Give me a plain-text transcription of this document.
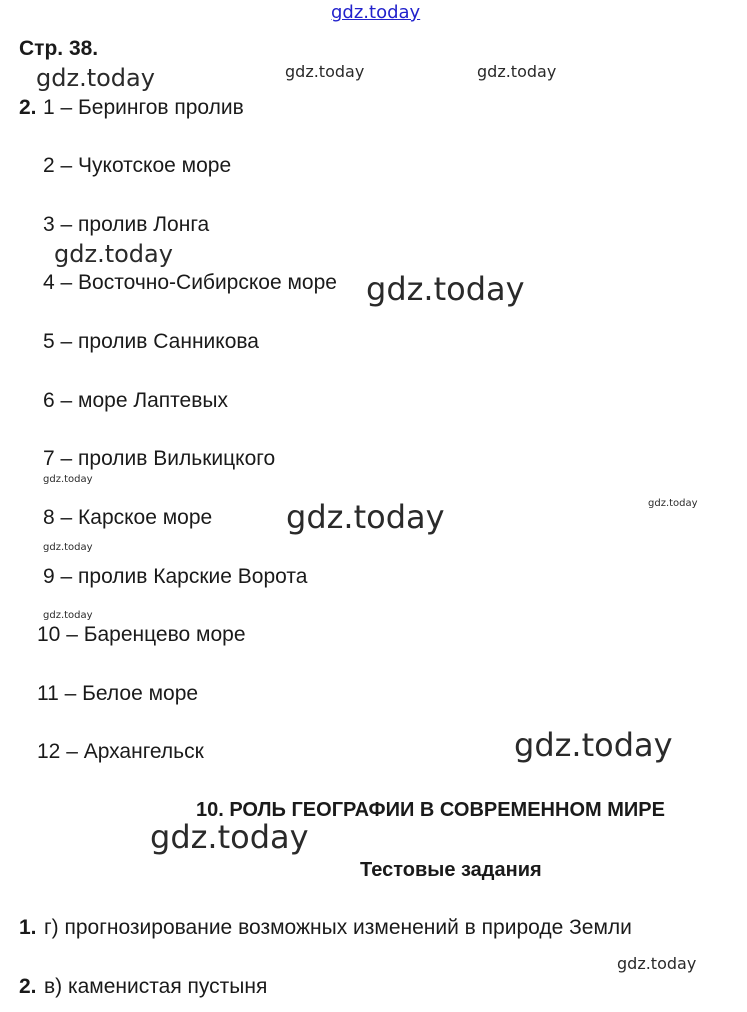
gdz.today
gdz.today	gdz.today	gdz.today
gdz.today
gdz.today
gdz.today
gdz.today	gdz.today
gdz.today
gdz.today
gdz.today
gdz.today
gdz.today
Стр. 38.
2. 1 – Берингов пролив
2 – Чукотское море
3 – пролив Лонга
4 – Восточно-Сибирское море
5 – пролив Санникова
6 – море Лаптевых
7 – пролив Вилькицкого
8 – Карское море
9 – пролив Карские Ворота
10 – Баренцево море
11 – Белое море
12 – Архангельск
10. РОЛЬ ГЕОГРАФИИ В СОВРЕМЕННОМ МИРЕ
Тестовые задания
1. г) прогнозирование возможных изменений в природе Земли
2. в) каменистая пустыня
